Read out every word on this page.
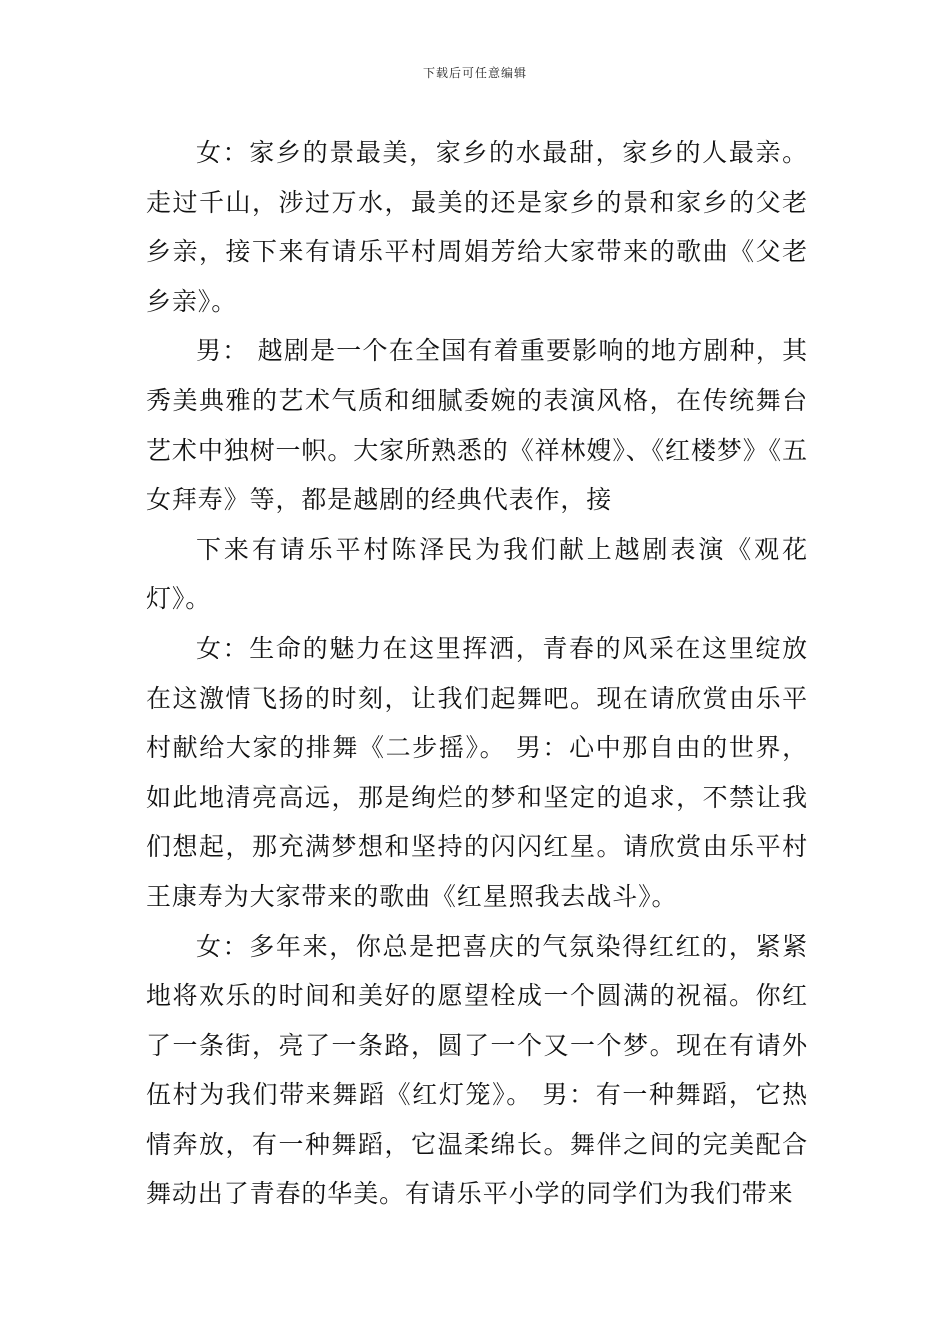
下载后可任意编辑

女：家乡的景最美，家乡的水最甜，家乡的人最亲。走过千山，涉过万水，最美的还是家乡的景和家乡的父老乡亲，接下来有请乐平村周娟芳给大家带来的歌曲《父老乡亲》。

男： 越剧是一个在全国有着重要影响的地方剧种，其秀美典雅的艺术气质和细腻委婉的表演风格，在传统舞台艺术中独树一帜。大家所熟悉的《祥林嫂》、《红楼梦》《五女拜寿》等，都是越剧的经典代表作，接

下来有请乐平村陈泽民为我们献上越剧表演《观花灯》。

女：生命的魅力在这里挥洒，青春的风采在这里绽放在这激情飞扬的时刻，让我们起舞吧。现在请欣赏由乐平村献给大家的排舞《二步摇》。 男：心中那自由的世界，如此地清亮高远，那是绚烂的梦和坚定的追求，不禁让我们想起，那充满梦想和坚持的闪闪红星。请欣赏由乐平村王康寿为大家带来的歌曲《红星照我去战斗》。

女：多年来，你总是把喜庆的气氛染得红红的，紧紧地将欢乐的时间和美好的愿望栓成一个圆满的祝福。你红了一条街，亮了一条路，圆了一个又一个梦。现在有请外伍村为我们带来舞蹈《红灯笼》。 男：有一种舞蹈，它热情奔放，有一种舞蹈，它温柔绵长。舞伴之间的完美配合舞动出了青春的华美。有请乐平小学的同学们为我们带来
